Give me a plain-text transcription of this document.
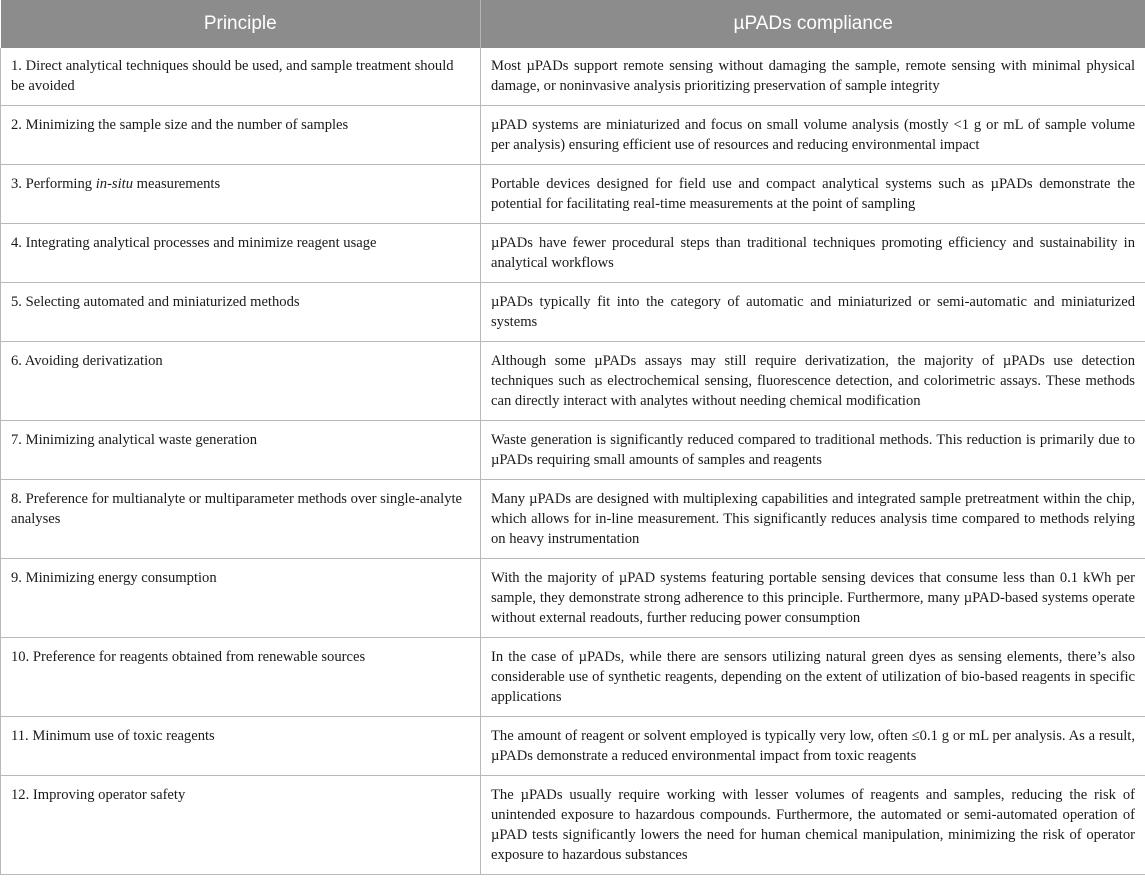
Principle	µPADs compliance
1. Direct analytical techniques should be used, and sample treatment should be avoided	Most µPADs support remote sensing without damaging the sample, remote sensing with minimal physical damage, or noninvasive analysis prioritizing preservation of sample integrity
2. Minimizing the sample size and the number of samples	µPAD systems are miniaturized and focus on small volume analysis (mostly <1 g or mL of sample volume per analysis) ensuring efficient use of resources and reducing environmental impact
3. Performing in-situ measurements	Portable devices designed for field use and compact analytical systems such as µPADs demonstrate the potential for facilitating real-time measurements at the point of sampling
4. Integrating analytical processes and minimize reagent usage	µPADs have fewer procedural steps than traditional techniques promoting efficiency and sustainability in analytical workflows
5. Selecting automated and miniaturized methods	µPADs typically fit into the category of automatic and miniaturized or semi-automatic and miniaturized systems
6. Avoiding derivatization	Although some µPADs assays may still require derivatization, the majority of µPADs use detection techniques such as electrochemical sensing, fluorescence detection, and colorimetric assays. These methods can directly interact with analytes without needing chemical modification
7. Minimizing analytical waste generation	Waste generation is significantly reduced compared to traditional methods. This reduction is primarily due to µPADs requiring small amounts of samples and reagents
8. Preference for multianalyte or multiparameter methods over single-analyte analyses	Many µPADs are designed with multiplexing capabilities and integrated sample pretreatment within the chip, which allows for in-line measurement. This significantly reduces analysis time compared to methods relying on heavy instrumentation
9. Minimizing energy consumption	With the majority of µPAD systems featuring portable sensing devices that consume less than 0.1 kWh per sample, they demonstrate strong adherence to this principle. Furthermore, many µPAD-based systems operate without external readouts, further reducing power consumption
10. Preference for reagents obtained from renewable sources	In the case of µPADs, while there are sensors utilizing natural green dyes as sensing elements, there’s also considerable use of synthetic reagents, depending on the extent of utilization of bio-based reagents in specific applications
11. Minimum use of toxic reagents	The amount of reagent or solvent employed is typically very low, often ≤0.1 g or mL per analysis. As a result, µPADs demonstrate a reduced environmental impact from toxic reagents
12. Improving operator safety	The µPADs usually require working with lesser volumes of reagents and samples, reducing the risk of unintended exposure to hazardous compounds. Furthermore, the automated or semi-automated operation of µPAD tests significantly lowers the need for human chemical manipulation, minimizing the risk of operator exposure to hazardous substances
